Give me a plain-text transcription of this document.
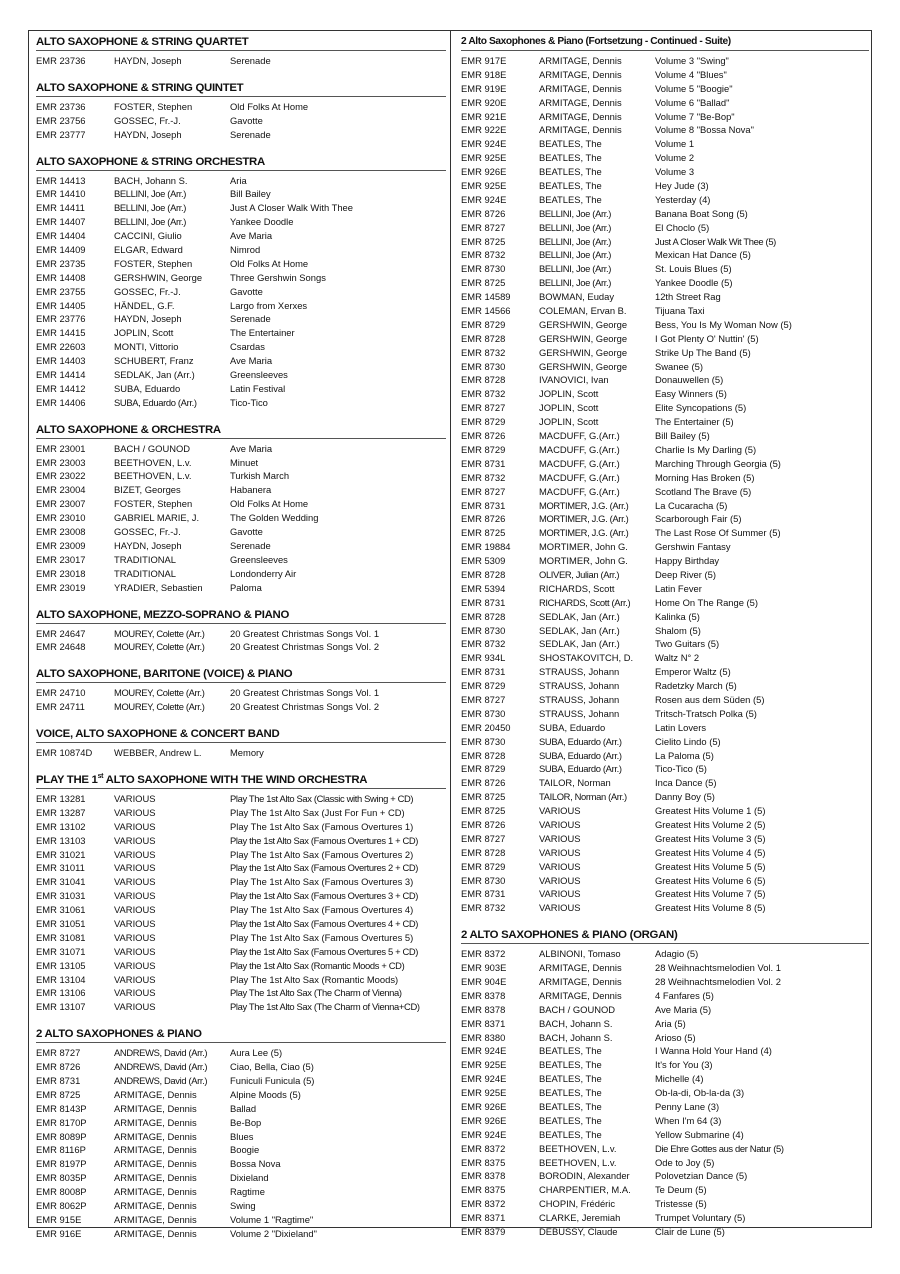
ALTO SAXOPHONE & STRING QUARTET
EMR 23736	HAYDN, Joseph	Serenade
ALTO SAXOPHONE & STRING QUINTET
EMR 23736	FOSTER, Stephen	Old Folks At Home
EMR 23756	GOSSEC, Fr.-J.	Gavotte
EMR 23777	HAYDN, Joseph	Serenade
ALTO SAXOPHONE & STRING ORCHESTRA
EMR 14413	BACH, Johann S.	Aria
EMR 14410	BELLINI, Joe (Arr.)	Bill Bailey
EMR 14411	BELLINI, Joe (Arr.)	Just A Closer Walk With Thee
EMR 14407	BELLINI, Joe (Arr.)	Yankee Doodle
EMR 14404	CACCINI, Giulio	Ave Maria
EMR 14409	ELGAR, Edward	Nimrod
EMR 23735	FOSTER, Stephen	Old Folks At Home
EMR 14408	GERSHWIN, George	Three Gershwin Songs
EMR 23755	GOSSEC, Fr.-J.	Gavotte
EMR 14405	HÄNDEL, G.F.	Largo from Xerxes
EMR 23776	HAYDN, Joseph	Serenade
EMR 14415	JOPLIN, Scott	The Entertainer
EMR 22603	MONTI, Vittorio	Csardas
EMR 14403	SCHUBERT, Franz	Ave Maria
EMR 14414	SEDLAK, Jan (Arr.)	Greensleeves
EMR 14412	SUBA, Eduardo	Latin Festival
EMR 14406	SUBA, Eduardo (Arr.)	Tico-Tico
ALTO SAXOPHONE & ORCHESTRA
EMR 23001	BACH / GOUNOD	Ave Maria
EMR 23003	BEETHOVEN, L.v.	Minuet
EMR 23022	BEETHOVEN, L.v.	Turkish March
EMR 23004	BIZET, Georges	Habanera
EMR 23007	FOSTER, Stephen	Old Folks At Home
EMR 23010	GABRIEL MARIE, J.	The Golden Wedding
EMR 23008	GOSSEC, Fr.-J.	Gavotte
EMR 23009	HAYDN, Joseph	Serenade
EMR 23017	TRADITIONAL	Greensleeves
EMR 23018	TRADITIONAL	Londonderry Air
EMR 23019	YRADIER, Sebastien	Paloma
ALTO SAXOPHONE, MEZZO-SOPRANO & PIANO
EMR 24647	MOUREY, Colette (Arr.)	20 Greatest Christmas Songs Vol. 1
EMR 24648	MOUREY, Colette (Arr.)	20 Greatest Christmas Songs Vol. 2
ALTO SAXOPHONE, BARITONE (VOICE) & PIANO
EMR 24710	MOUREY, Colette (Arr.)	20 Greatest Christmas Songs Vol. 1
EMR 24711	MOUREY, Colette (Arr.)	20 Greatest Christmas Songs Vol. 2
VOICE, ALTO SAXOPHONE & CONCERT BAND
EMR 10874D	WEBBER, Andrew L.	Memory
PLAY THE 1st ALTO SAXOPHONE WITH THE WIND ORCHESTRA
EMR 13281	VARIOUS	Play The 1st Alto Sax (Classic with Swing + CD)
EMR 13287	VARIOUS	Play The 1st Alto Sax (Just For Fun + CD)
EMR 13102	VARIOUS	Play The 1st Alto Sax (Famous Overtures 1)
EMR 13103	VARIOUS	Play the 1st Alto Sax (Famous Overtures 1 + CD)
EMR 31021	VARIOUS	Play The 1st Alto Sax (Famous Overtures 2)
EMR 31011	VARIOUS	Play the 1st Alto Sax (Famous Overtures 2 + CD)
EMR 31041	VARIOUS	Play The 1st Alto Sax (Famous Overtures 3)
EMR 31031	VARIOUS	Play the 1st Alto Sax (Famous Overtures 3 + CD)
EMR 31061	VARIOUS	Play The 1st Alto Sax (Famous Overtures 4)
EMR 31051	VARIOUS	Play the 1st Alto Sax (Famous Overtures 4 + CD)
EMR 31081	VARIOUS	Play The 1st Alto Sax (Famous Overtures 5)
EMR 31071	VARIOUS	Play the 1st Alto Sax (Famous Overtures 5 + CD)
EMR 13105	VARIOUS	Play the 1st Alto Sax (Romantic Moods + CD)
EMR 13104	VARIOUS	Play The 1st Alto Sax (Romantic Moods)
EMR 13106	VARIOUS	Play The 1st Alto Sax (The Charm of Vienna)
EMR 13107	VARIOUS	Play The 1st Alto Sax (The Charm of Vienna+CD)
2 ALTO SAXOPHONES & PIANO
EMR 8727	ANDREWS, David (Arr.)	Aura Lee (5)
EMR 8726	ANDREWS, David (Arr.)	Ciao, Bella, Ciao (5)
EMR 8731	ANDREWS, David (Arr.)	Funiculi Funicula (5)
EMR 8725	ARMITAGE, Dennis	Alpine Moods (5)
EMR 8143P	ARMITAGE, Dennis	Ballad
EMR 8170P	ARMITAGE, Dennis	Be-Bop
EMR 8089P	ARMITAGE, Dennis	Blues
EMR 8116P	ARMITAGE, Dennis	Boogie
EMR 8197P	ARMITAGE, Dennis	Bossa Nova
EMR 8035P	ARMITAGE, Dennis	Dixieland
EMR 8008P	ARMITAGE, Dennis	Ragtime
EMR 8062P	ARMITAGE, Dennis	Swing
EMR 915E	ARMITAGE, Dennis	Volume 1 "Ragtime"
EMR 916E	ARMITAGE, Dennis	Volume 2 "Dixieland"
2 Alto Saxophones & Piano (Fortsetzung - Continued - Suite)
EMR 917E	ARMITAGE, Dennis	Volume 3 "Swing"
EMR 918E	ARMITAGE, Dennis	Volume 4 "Blues"
EMR 919E	ARMITAGE, Dennis	Volume 5 "Boogie"
EMR 920E	ARMITAGE, Dennis	Volume 6 "Ballad"
EMR 921E	ARMITAGE, Dennis	Volume 7 "Be-Bop"
EMR 922E	ARMITAGE, Dennis	Volume 8 "Bossa Nova"
EMR 924E	BEATLES, The	Volume 1
EMR 925E	BEATLES, The	Volume 2
EMR 926E	BEATLES, The	Volume 3
EMR 925E	BEATLES, The	Hey Jude (3)
EMR 924E	BEATLES, The	Yesterday (4)
EMR 8726	BELLINI, Joe (Arr.)	Banana Boat Song (5)
EMR 8727	BELLINI, Joe (Arr.)	El Choclo (5)
EMR 8725	BELLINI, Joe (Arr.)	Just A Closer Walk Wit Thee (5)
EMR 8732	BELLINI, Joe (Arr.)	Mexican Hat Dance (5)
EMR 8730	BELLINI, Joe (Arr.)	St. Louis Blues (5)
EMR 8725	BELLINI, Joe (Arr.)	Yankee Doodle (5)
EMR 14589	BOWMAN, Euday	12th Street Rag
EMR 14566	COLEMAN, Ervan B.	Tijuana Taxi
EMR 8729	GERSHWIN, George	Bess, You Is My Woman Now (5)
EMR 8728	GERSHWIN, George	I Got Plenty O' Nuttin' (5)
EMR 8732	GERSHWIN, George	Strike Up The Band (5)
EMR 8730	GERSHWIN, George	Swanee (5)
EMR 8728	IVANOVICI, Ivan	Donauwellen (5)
EMR 8732	JOPLIN, Scott	Easy Winners (5)
EMR 8727	JOPLIN, Scott	Elite Syncopations (5)
EMR 8729	JOPLIN, Scott	The Entertainer (5)
EMR 8726	MACDUFF, G.(Arr.)	Bill Bailey (5)
EMR 8729	MACDUFF, G.(Arr.)	Charlie Is My Darling (5)
EMR 8731	MACDUFF, G.(Arr.)	Marching Through Georgia (5)
EMR 8732	MACDUFF, G.(Arr.)	Morning Has Broken (5)
EMR 8727	MACDUFF, G.(Arr.)	Scotland The Brave (5)
EMR 8731	MORTIMER, J.G. (Arr.)	La Cucaracha (5)
EMR 8726	MORTIMER, J.G. (Arr.)	Scarborough Fair (5)
EMR 8725	MORTIMER, J.G. (Arr.)	The Last Rose Of Summer (5)
EMR 19884	MORTIMER, John G.	Gershwin Fantasy
EMR 5309	MORTIMER, John G.	Happy Birthday
EMR 8728	OLIVER, Julian (Arr.)	Deep River (5)
EMR 5394	RICHARDS, Scott	Latin Fever
EMR 8731	RICHARDS, Scott (Arr.)	Home On The Range (5)
EMR 8728	SEDLAK, Jan (Arr.)	Kalinka (5)
EMR 8730	SEDLAK, Jan (Arr.)	Shalom (5)
EMR 8732	SEDLAK, Jan (Arr.)	Two Guitars (5)
EMR 934L	SHOSTAKOVITCH, D.	Waltz N° 2
EMR 8731	STRAUSS, Johann	Emperor Waltz (5)
EMR 8729	STRAUSS, Johann	Radetzky March (5)
EMR 8727	STRAUSS, Johann	Rosen aus dem Süden (5)
EMR 8730	STRAUSS, Johann	Tritsch-Tratsch Polka (5)
EMR 20450	SUBA, Eduardo	Latin Lovers
EMR 8730	SUBA, Eduardo (Arr.)	Cielito Lindo (5)
EMR 8728	SUBA, Eduardo (Arr.)	La Paloma (5)
EMR 8729	SUBA, Eduardo (Arr.)	Tico-Tico (5)
EMR 8726	TAILOR, Norman	Inca Dance (5)
EMR 8725	TAILOR, Norman (Arr.)	Danny Boy (5)
EMR 8725	VARIOUS	Greatest Hits Volume 1 (5)
EMR 8726	VARIOUS	Greatest Hits Volume 2 (5)
EMR 8727	VARIOUS	Greatest Hits Volume 3 (5)
EMR 8728	VARIOUS	Greatest Hits Volume 4 (5)
EMR 8729	VARIOUS	Greatest Hits Volume 5 (5)
EMR 8730	VARIOUS	Greatest Hits Volume 6 (5)
EMR 8731	VARIOUS	Greatest Hits Volume 7 (5)
EMR 8732	VARIOUS	Greatest Hits Volume 8 (5)
2 ALTO SAXOPHONES & PIANO (ORGAN)
EMR 8372	ALBINONI, Tomaso	Adagio (5)
EMR 903E	ARMITAGE, Dennis	28 Weihnachtsmelodien Vol. 1
EMR 904E	ARMITAGE, Dennis	28 Weihnachtsmelodien Vol. 2
EMR 8378	ARMITAGE, Dennis	4 Fanfares (5)
EMR 8378	BACH / GOUNOD	Ave Maria (5)
EMR 8371	BACH, Johann S.	Aria (5)
EMR 8380	BACH, Johann S.	Arioso (5)
EMR 924E	BEATLES, The	I Wanna Hold Your Hand (4)
EMR 925E	BEATLES, The	It's for You (3)
EMR 924E	BEATLES, The	Michelle (4)
EMR 925E	BEATLES, The	Ob-la-di, Ob-la-da (3)
EMR 926E	BEATLES, The	Penny Lane (3)
EMR 926E	BEATLES, The	When I'm 64 (3)
EMR 924E	BEATLES, The	Yellow Submarine (4)
EMR 8372	BEETHOVEN, L.v.	Die Ehre Gottes aus der Natur (5)
EMR 8375	BEETHOVEN, L.v.	Ode to Joy (5)
EMR 8378	BORODIN, Alexander	Polovetzian Dance (5)
EMR 8375	CHARPENTIER, M.A.	Te Deum (5)
EMR 8372	CHOPIN, Frédéric	Tristesse (5)
EMR 8371	CLARKE, Jeremiah	Trumpet Voluntary (5)
EMR 8379	DEBUSSY, Claude	Clair de Lune (5)
